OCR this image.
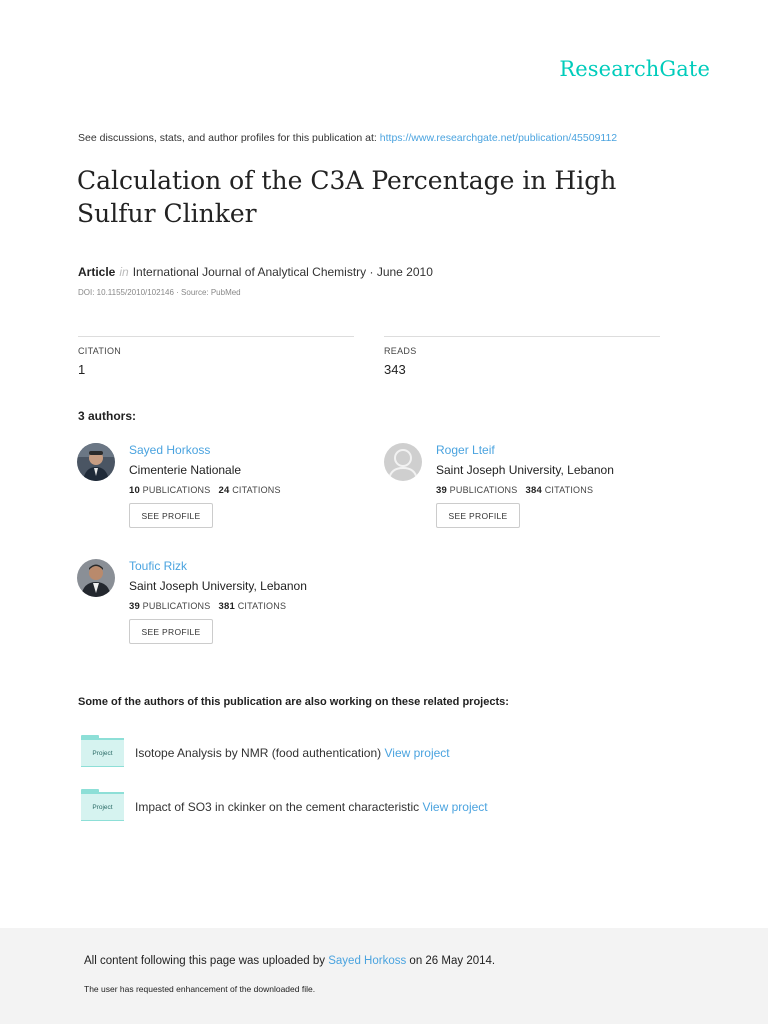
ResearchGate
See discussions, stats, and author profiles for this publication at: https://www.researchgate.net/publication/45509112
Calculation of the C3A Percentage in High Sulfur Clinker
Article in International Journal of Analytical Chemistry · June 2010
DOI: 10.1155/2010/102146 · Source: PubMed
CITATION
1
READS
343
3 authors:
Sayed Horkoss
Cimenterie Nationale
10 PUBLICATIONS 24 CITATIONS
SEE PROFILE
Roger Lteif
Saint Joseph University, Lebanon
39 PUBLICATIONS 384 CITATIONS
SEE PROFILE
Toufic Rizk
Saint Joseph University, Lebanon
39 PUBLICATIONS 381 CITATIONS
SEE PROFILE
Some of the authors of this publication are also working on these related projects:
Project	Isotope Analysis by NMR (food authentication) View project
Project	Impact of SO3 in ckinker on the cement characteristic View project
All content following this page was uploaded by Sayed Horkoss on 26 May 2014.
The user has requested enhancement of the downloaded file.
